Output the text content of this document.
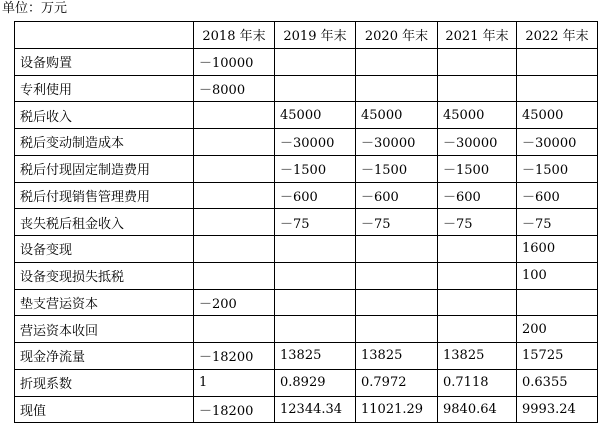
单位：万元
	2018 年末	2019 年末	2020 年末	2021 年末	2022 年末
设备购置	－10000				
专利使用	－8000				
税后收入		45000	45000	45000	45000
税后变动制造成本		－30000	－30000	－30000	－30000
税后付现固定制造费用		－1500	－1500	－1500	－1500
税后付现销售管理费用		－600	－600	－600	－600
丧失税后租金收入		－75	－75	－75	－75
设备变现					1600
设备变现损失抵税					100
垫支营运资本	－200				
营运资本收回					200
现金净流量	－18200	13825	13825	13825	15725
折现系数	1	0.8929	0.7972	0.7118	0.6355
现值	－18200	12344.34	11021.29	9840.64	9993.24
